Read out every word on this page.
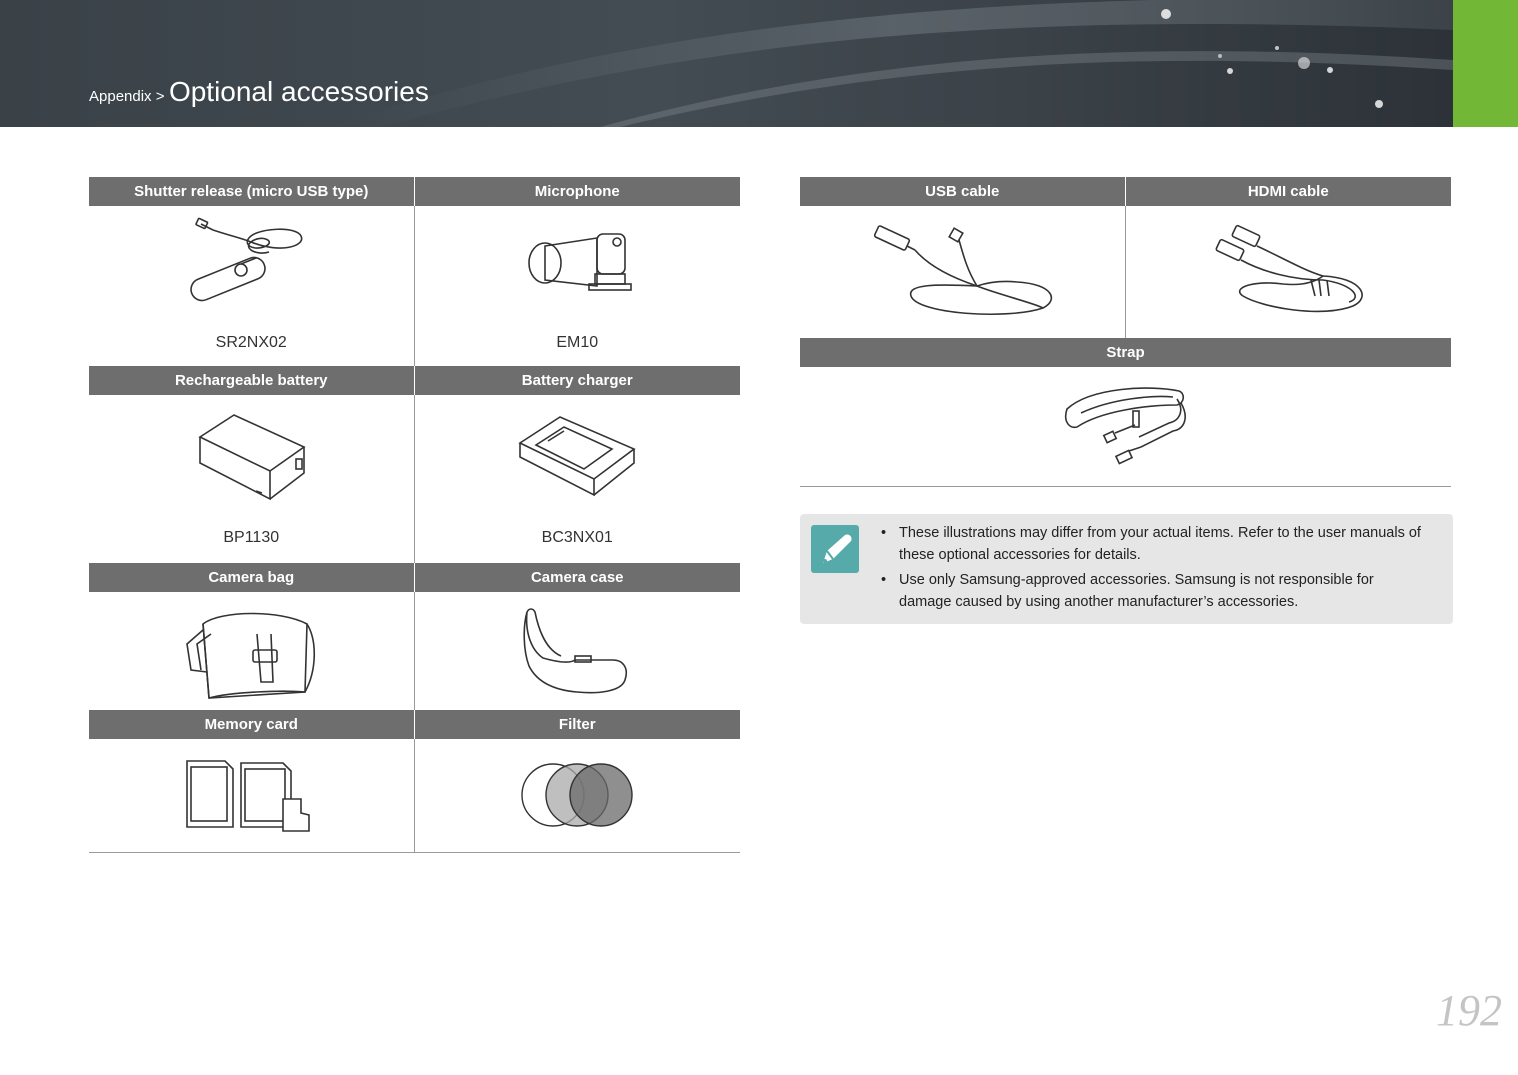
Appendix > Optional accessories
Shutter release (micro USB type)	Microphone

SR2NX02	EM10

Rechargeable battery	Battery charger

BP1130	BC3NX01

Camera bag	Camera case

Memory card	Filter

USB cable	HDMI cable

Strap	

• These illustrations may differ from your actual items. Refer to the user manuals of these optional accessories for details.
• Use only Samsung-approved accessories. Samsung is not responsible for damage caused by using another manufacturer’s accessories.
192
